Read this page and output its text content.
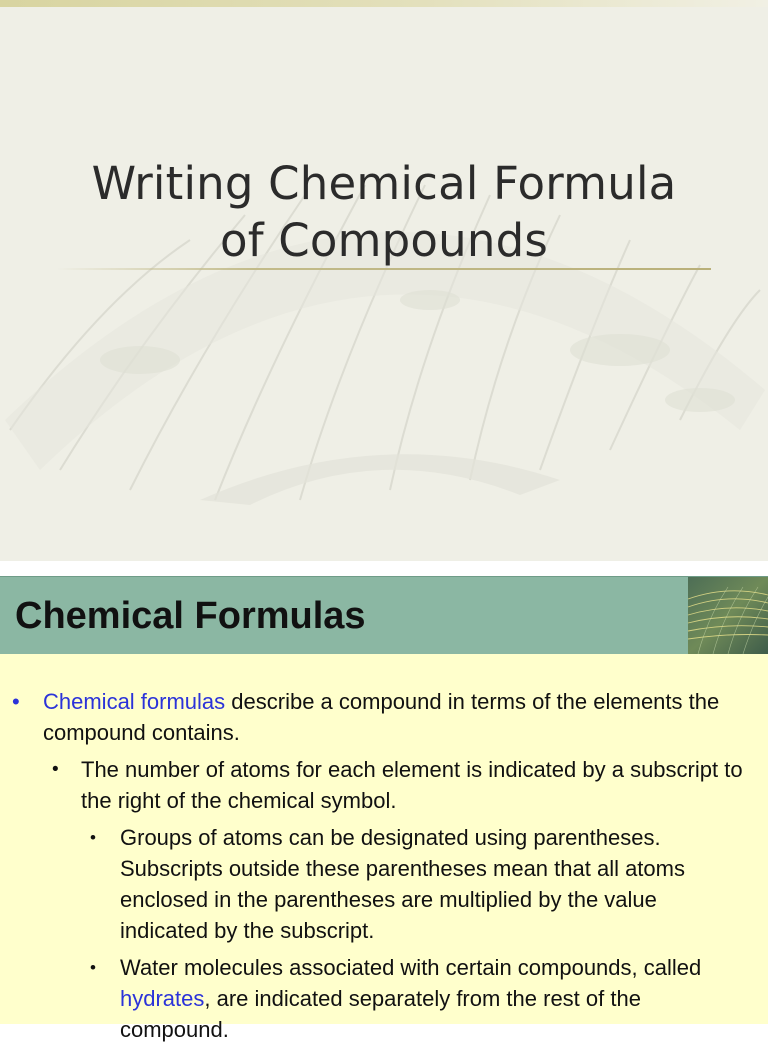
Writing Chemical Formula
of Compounds
Chemical Formulas
• Chemical formulas describe a compound in terms of the elements the compound contains.
• The number of atoms for each element is indicated by a subscript to the right of the chemical symbol.
• Groups of atoms can be designated using parentheses. Subscripts outside these parentheses mean that all atoms enclosed in the parentheses are multiplied by the value indicated by the subscript.
• Water molecules associated with certain compounds, called hydrates, are indicated separately from the rest of the compound.
